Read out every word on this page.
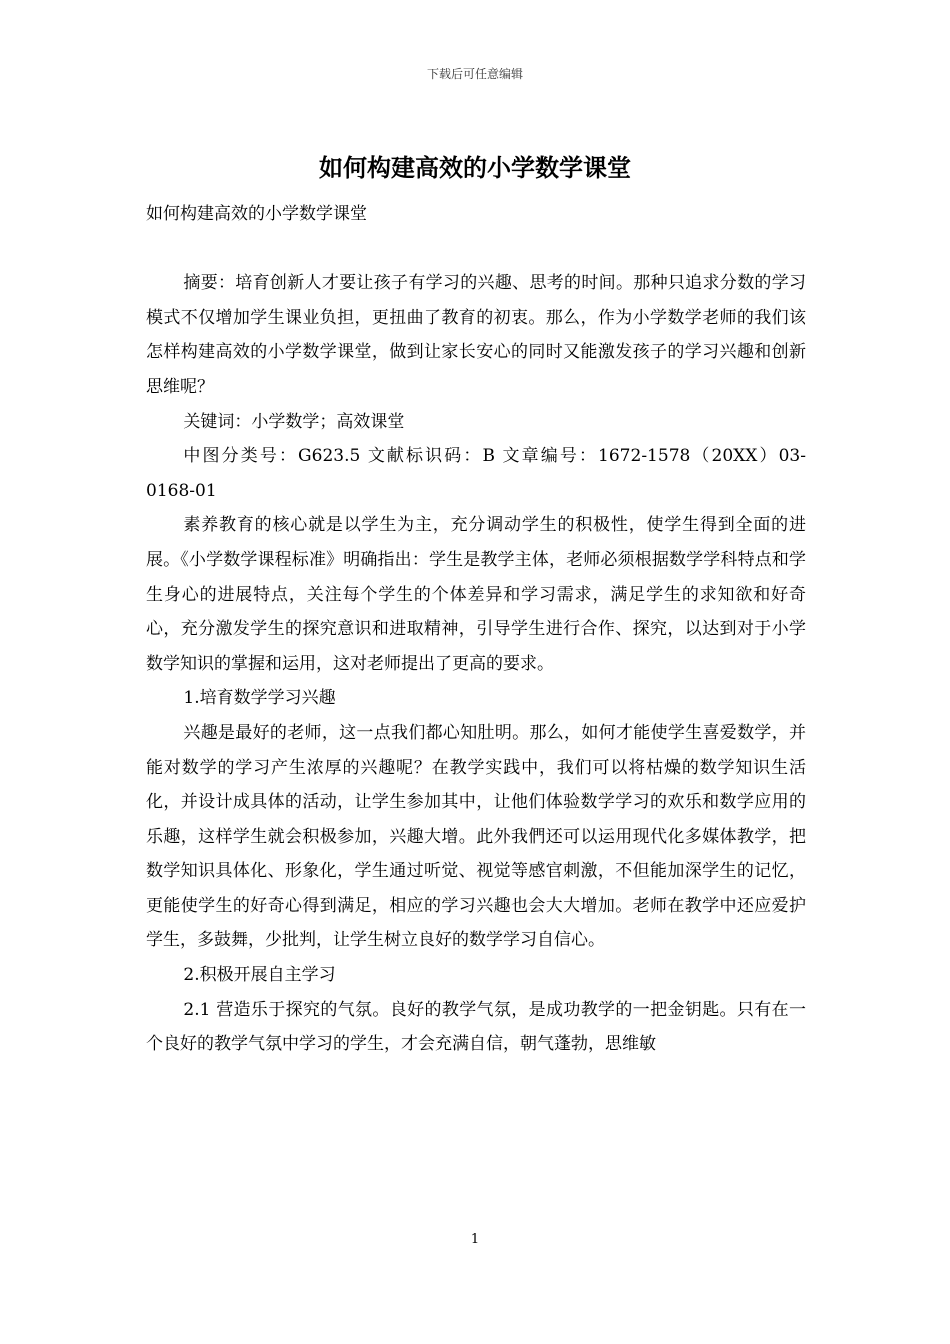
下载后可任意编辑
如何构建高效的小学数学课堂

如何构建高效的小学数学课堂

摘要：培育创新人才要让孩子有学习的兴趣、思考的时间。那种只追求分数的学习模式不仅增加学生课业负担，更扭曲了教育的初衷。那么，作为小学数学老师的我们该怎样构建高效的小学数学课堂，做到让家长安心的同时又能激发孩子的学习兴趣和创新思维呢？

关键词：小学数学；高效课堂

中图分类号：G623.5 文献标识码：B 文章编号：1672-1578（20XX）03-0168-01

素养教育的核心就是以学生为主，充分调动学生的积极性，使学生得到全面的进展。《小学数学课程标准》明确指出：学生是教学主体，老师必须根据数学学科特点和学生身心的进展特点，关注每个学生的个体差异和学习需求，满足学生的求知欲和好奇心，充分激发学生的探究意识和进取精神，引导学生进行合作、探究，以达到对于小学数学知识的掌握和运用，这对老师提出了更高的要求。

1.培育数学学习兴趣

兴趣是最好的老师，这一点我们都心知肚明。那么，如何才能使学生喜爱数学，并能对数学的学习产生浓厚的兴趣呢？在教学实践中，我们可以将枯燥的数学知识生活化，并设计成具体的活动，让学生参加其中，让他们体验数学学习的欢乐和数学应用的乐趣，这样学生就会积极参加，兴趣大增。此外我們还可以运用现代化多媒体教学，把数学知识具体化、形象化，学生通过听觉、视觉等感官刺激，不但能加深学生的记忆，更能使学生的好奇心得到满足，相应的学习兴趣也会大大增加。老师在教学中还应爱护学生，多鼓舞，少批判，让学生树立良好的数学学习自信心。

2.积极开展自主学习

2.1 营造乐于探究的气氛。良好的教学气氛，是成功教学的一把金钥匙。只有在一个良好的教学气氛中学习的学生，才会充满自信，朝气蓬勃，思维敏

1
